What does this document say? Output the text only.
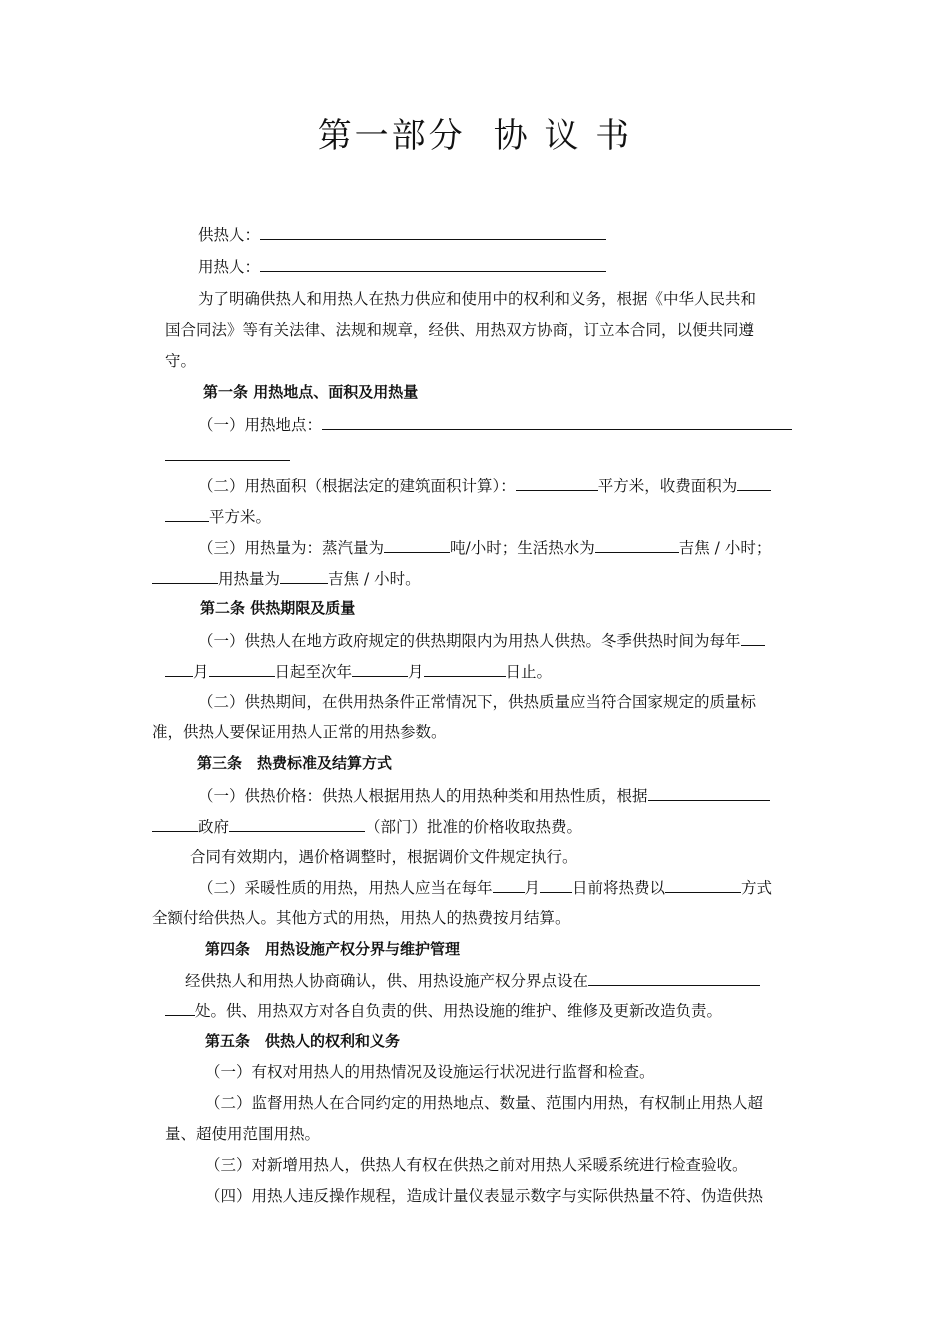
第一部分 协 议 书
供热人：
用热人：
为了明确供热人和用热人在热力供应和使用中的权利和义务，根据《中华人民共和
国合同法》等有关法律、法规和规章，经供、用热双方协商，订立本合同，以便共同遵
守。
第一条 用热地点、面积及用热量
（一）用热地点：
（二）用热面积（根据法定的建筑面积计算）：	平方米，收费面积为
平方米。
（三）用热量为：蒸汽量为	吨/小时；生活热水为	吉焦 / 小时；
用热量为	吉焦 / 小时。
第二条 供热期限及质量
（一）供热人在地方政府规定的供热期限内为用热人供热。冬季供热时间为每年
月	日起至次年	月	日止。
（二）供热期间，在供用热条件正常情况下，供热质量应当符合国家规定的质量标
准，供热人要保证用热人正常的用热参数。
第三条　热费标准及结算方式
（一）供热价格：供热人根据用热人的用热种类和用热性质，根据
政府	（部门）批准的价格收取热费。
合同有效期内，遇价格调整时，根据调价文件规定执行。
（二）采暖性质的用热，用热人应当在每年 月 日前将热费以	方式
全额付给供热人。其他方式的用热，用热人的热费按月结算。
第四条　用热设施产权分界与维护管理
经供热人和用热人协商确认，供、用热设施产权分界点设在
处。供、用热双方对各自负责的供、用热设施的维护、维修及更新改造负责。
第五条　供热人的权利和义务
（一）有权对用热人的用热情况及设施运行状况进行监督和检查。
（二）监督用热人在合同约定的用热地点、数量、范围内用热，有权制止用热人超
量、超使用范围用热。
（三）对新增用热人，供热人有权在供热之前对用热人采暖系统进行检查验收。
（四）用热人违反操作规程，造成计量仪表显示数字与实际供热量不符、伪造供热
